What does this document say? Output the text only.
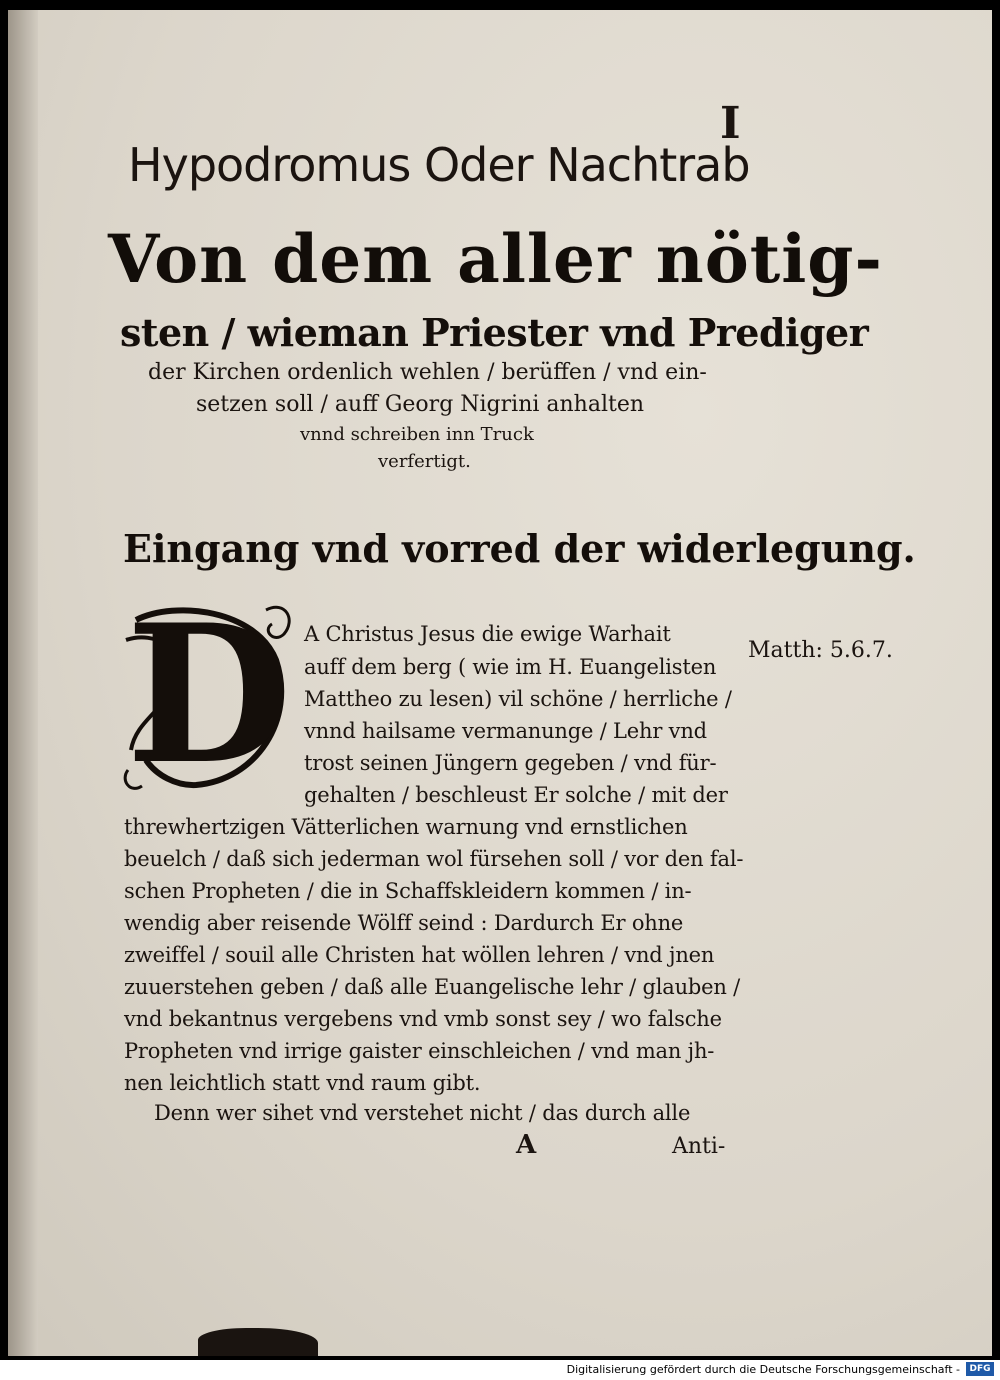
I
Hypodromus Oder Nachtrab
Von dem aller nötig-
sten / wieman Priester vnd Prediger
der Kirchen ordenlich wehlen / berüffen / vnd ein-
setzen soll / auff Georg Nigrini anhalten
vnnd schreiben inn Truck
verfertigt.
Eingang vnd vorred der widerlegung.
D	Matth: 5.6.7.
A Christus Jesus die ewige Warhait
auff dem berg ( wie im H. Euangelisten
Mattheo zu lesen) vil schöne / herrliche /
vnnd hailsame vermanunge / Lehr vnd
trost seinen Jüngern gegeben / vnd für-
gehalten / beschleust Er solche / mit der
threwhertzigen Vätterlichen warnung vnd ernstlichen
beuelch / daß sich jederman wol fürsehen soll / vor den fal-
schen Propheten / die in Schaffskleidern kommen / in-
wendig aber reisende Wölff seind : Dardurch Er ohne
zweiffel / souil alle Christen hat wöllen lehren / vnd jnen
zuuerstehen geben / daß alle Euangelische lehr / glauben /
vnd bekantnus vergebens vnd vmb sonst sey / wo falsche
Propheten vnd irrige gaister einschleichen / vnd man jh-
nen leichtlich statt vnd raum gibt.
Denn wer sihet vnd verstehet nicht / das durch alle
A	Anti-
Digitalisierung gefördert durch die Deutsche Forschungsgemeinschaft -	DFG
